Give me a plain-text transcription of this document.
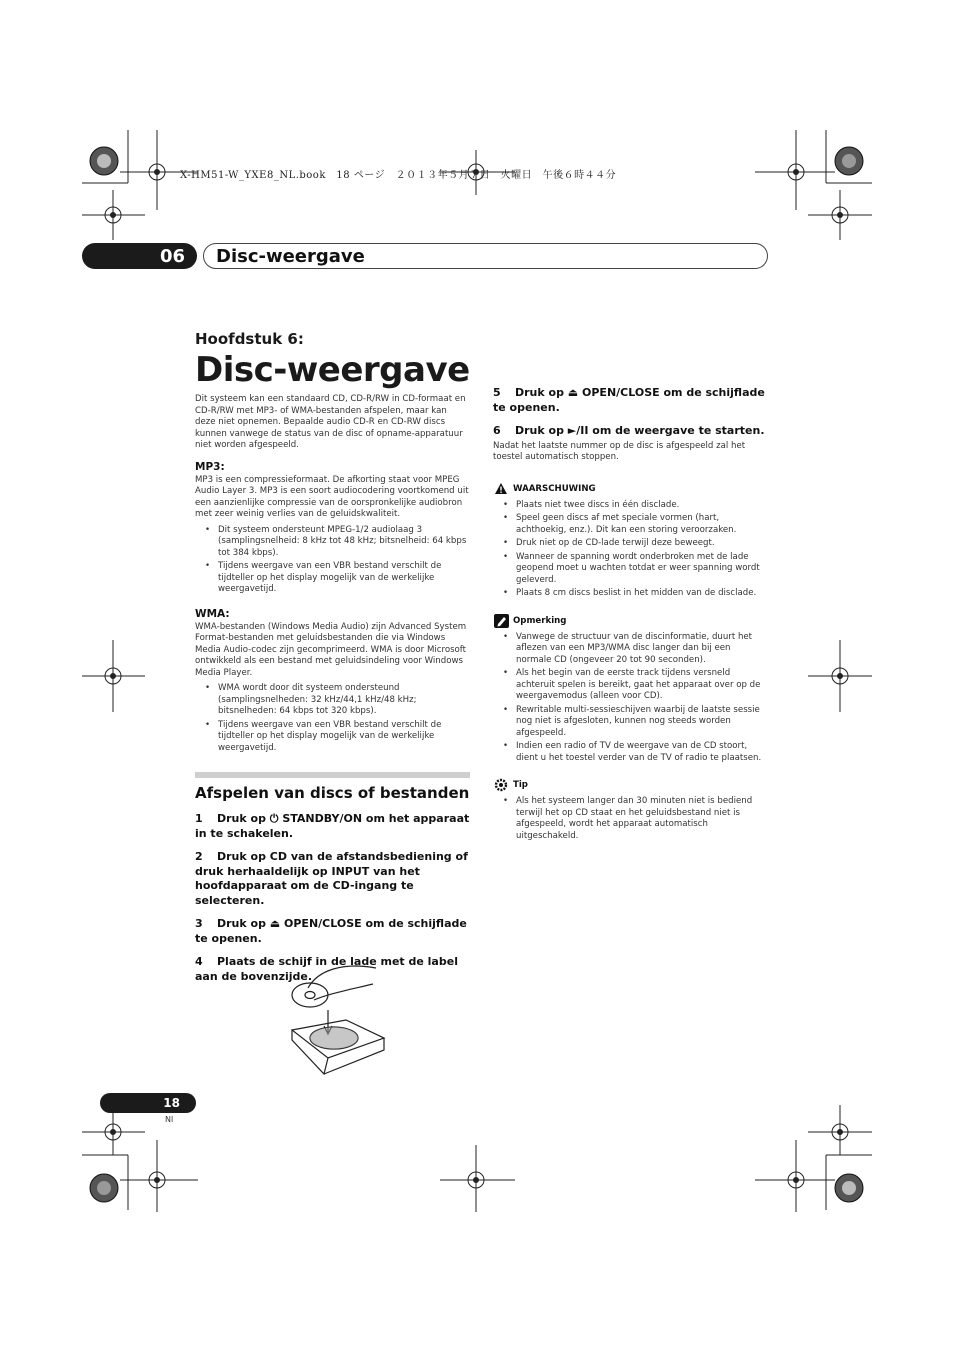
X-HM51-W_YXE8_NL.book　18 ページ　２０１３年５月７日　火曜日　午後６時４４分
06	Disc-weergave

Hoofdstuk 6:

Disc-weergave

Dit systeem kan een standaard CD, CD-R/RW in CD-formaat en CD-R/RW met MP3- of WMA-bestanden afspelen, maar kan deze niet opnemen. Bepaalde audio CD-R en CD-RW discs kunnen vanwege de status van de disc of opname-apparatuur niet worden afgespeeld.

MP3:

MP3 is een compressieformaat. De afkorting staat voor MPEG Audio Layer 3. MP3 is een soort audiocodering voortkomend uit een aanzienlijke compressie van de oorspronkelijke audiobron met zeer weinig verlies van de geluidskwaliteit.

• Dit systeem ondersteunt MPEG-1/2 audiolaag 3 (samplingsnelheid: 8 kHz tot 48 kHz; bitsnelheid: 64 kbps tot 384 kbps).
• Tijdens weergave van een VBR bestand verschilt de tijdteller op het display mogelijk van de werkelijke weergavetijd.
WMA:

WMA-bestanden (Windows Media Audio) zijn Advanced System Format-bestanden met geluidsbestanden die via Windows Media Audio-codec zijn gecomprimeerd. WMA is door Microsoft ontwikkeld als een bestand met geluidsindeling voor Windows Media Player.

• WMA wordt door dit systeem ondersteund (samplingsnelheden: 32 kHz/44,1 kHz/48 kHz; bitsnelheden: 64 kbps tot 320 kbps).
• Tijdens weergave van een VBR bestand verschilt de tijdteller op het display mogelijk van de werkelijke weergavetijd.
Afspelen van discs of bestanden
1 Druk op ⏻ STANDBY/ON om het apparaat in te schakelen.
2 Druk op CD van de afstandsbediening of druk herhaaldelijk op INPUT van het hoofdapparaat om de CD-ingang te selecteren.
3 Druk op ⏏ OPEN/CLOSE om de schijflade te openen.
4 Plaats de schijf in de lade met de label aan de bovenzijde.
5 Druk op ⏏ OPEN/CLOSE om de schijflade te openen.
6 Druk op ►/II om de weergave te starten.

Nadat het laatste nummer op de disc is afgespeeld zal het toestel automatisch stoppen.

WAARSCHUWING
• Plaats niet twee discs in één disclade.
• Speel geen discs af met speciale vormen (hart, achthoekig, enz.). Dit kan een storing veroorzaken.
• Druk niet op de CD-lade terwijl deze beweegt.
• Wanneer de spanning wordt onderbroken met de lade geopend moet u wachten totdat er weer spanning wordt geleverd.
• Plaats 8 cm discs beslist in het midden van de disclade.
Opmerking
• Vanwege de structuur van de discinformatie, duurt het aflezen van een MP3/WMA disc langer dan bij een normale CD (ongeveer 20 tot 90 seconden).
• Als het begin van de eerste track tijdens versneld achteruit spelen is bereikt, gaat het apparaat over op de weergavemodus (alleen voor CD).
• Rewritable multi-sessieschijven waarbij de laatste sessie nog niet is afgesloten, kunnen nog steeds worden afgespeeld.
• Indien een radio of TV de weergave van de CD stoort, dient u het toestel verder van de TV of radio te plaatsen.
Tip
• Als het systeem langer dan 30 minuten niet is bediend terwijl het op CD staat en het geluidsbestand niet is afgespeeld, wordt het apparaat automatisch uitgeschakeld.
18
Nl
